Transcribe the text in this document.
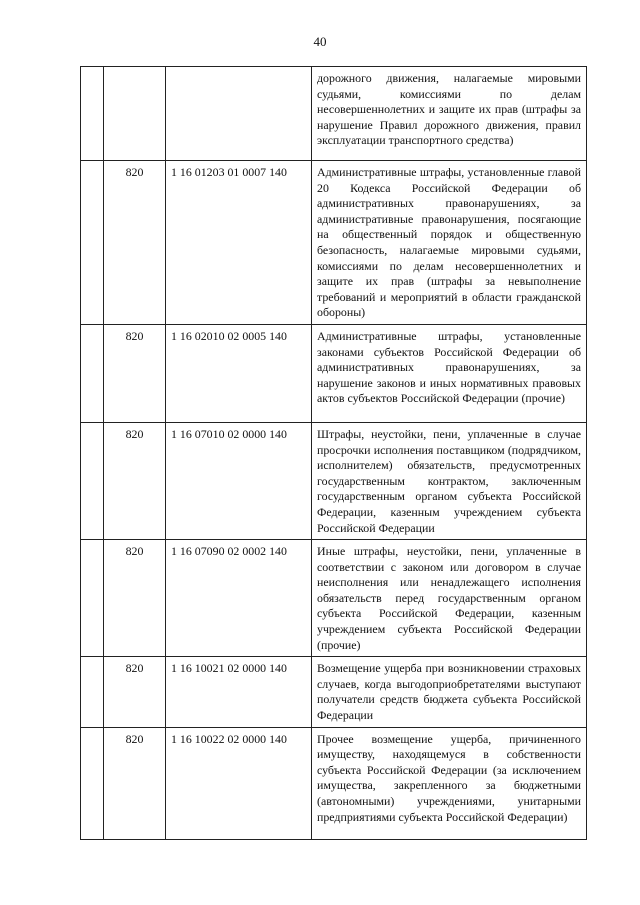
40
			дорожного движения, налагаемые мировыми судьями, комиссиями по делам несовершеннолетних и защите их прав (штрафы за нарушение Правил дорожного движения, правил эксплуатации транспортного средства)
	820	1 16 01203 01 0007 140	Административные штрафы, установленные главой 20 Кодекса Российской Федерации об административных правонарушениях, за административные правонарушения, посягающие на общественный порядок и общественную безопасность, налагаемые мировыми судьями, комиссиями по делам несовершеннолетних и защите их прав (штрафы за невыполнение требований и мероприятий в области гражданской обороны)
	820	1 16 02010 02 0005 140	Административные штрафы, установленные законами субъектов Российской Федерации об административных правонарушениях, за нарушение законов и иных нормативных правовых актов субъектов Российской Федерации (прочие)
	820	1 16 07010 02 0000 140	Штрафы, неустойки, пени, уплаченные в случае просрочки исполнения поставщиком (подрядчиком, исполнителем) обязательств, предусмотренных государственным контрактом, заключенным государственным органом субъекта Российской Федерации, казенным учреждением субъекта Российской Федерации
	820	1 16 07090 02 0002 140	Иные штрафы, неустойки, пени, уплаченные в соответствии с законом или договором в случае неисполнения или ненадлежащего исполнения обязательств перед государственным органом субъекта Российской Федерации, казенным учреждением субъекта Российской Федерации (прочие)
	820	1 16 10021 02 0000 140	Возмещение ущерба при возникновении страховых случаев, когда выгодоприобретателями выступают получатели средств бюджета субъекта Российской Федерации
	820	1 16 10022 02 0000 140	Прочее возмещение ущерба, причиненного имуществу, находящемуся в собственности субъекта Российской Федерации (за исключением имущества, закрепленного за бюджетными (автономными) учреждениями, унитарными предприятиями субъекта Российской Федерации)
